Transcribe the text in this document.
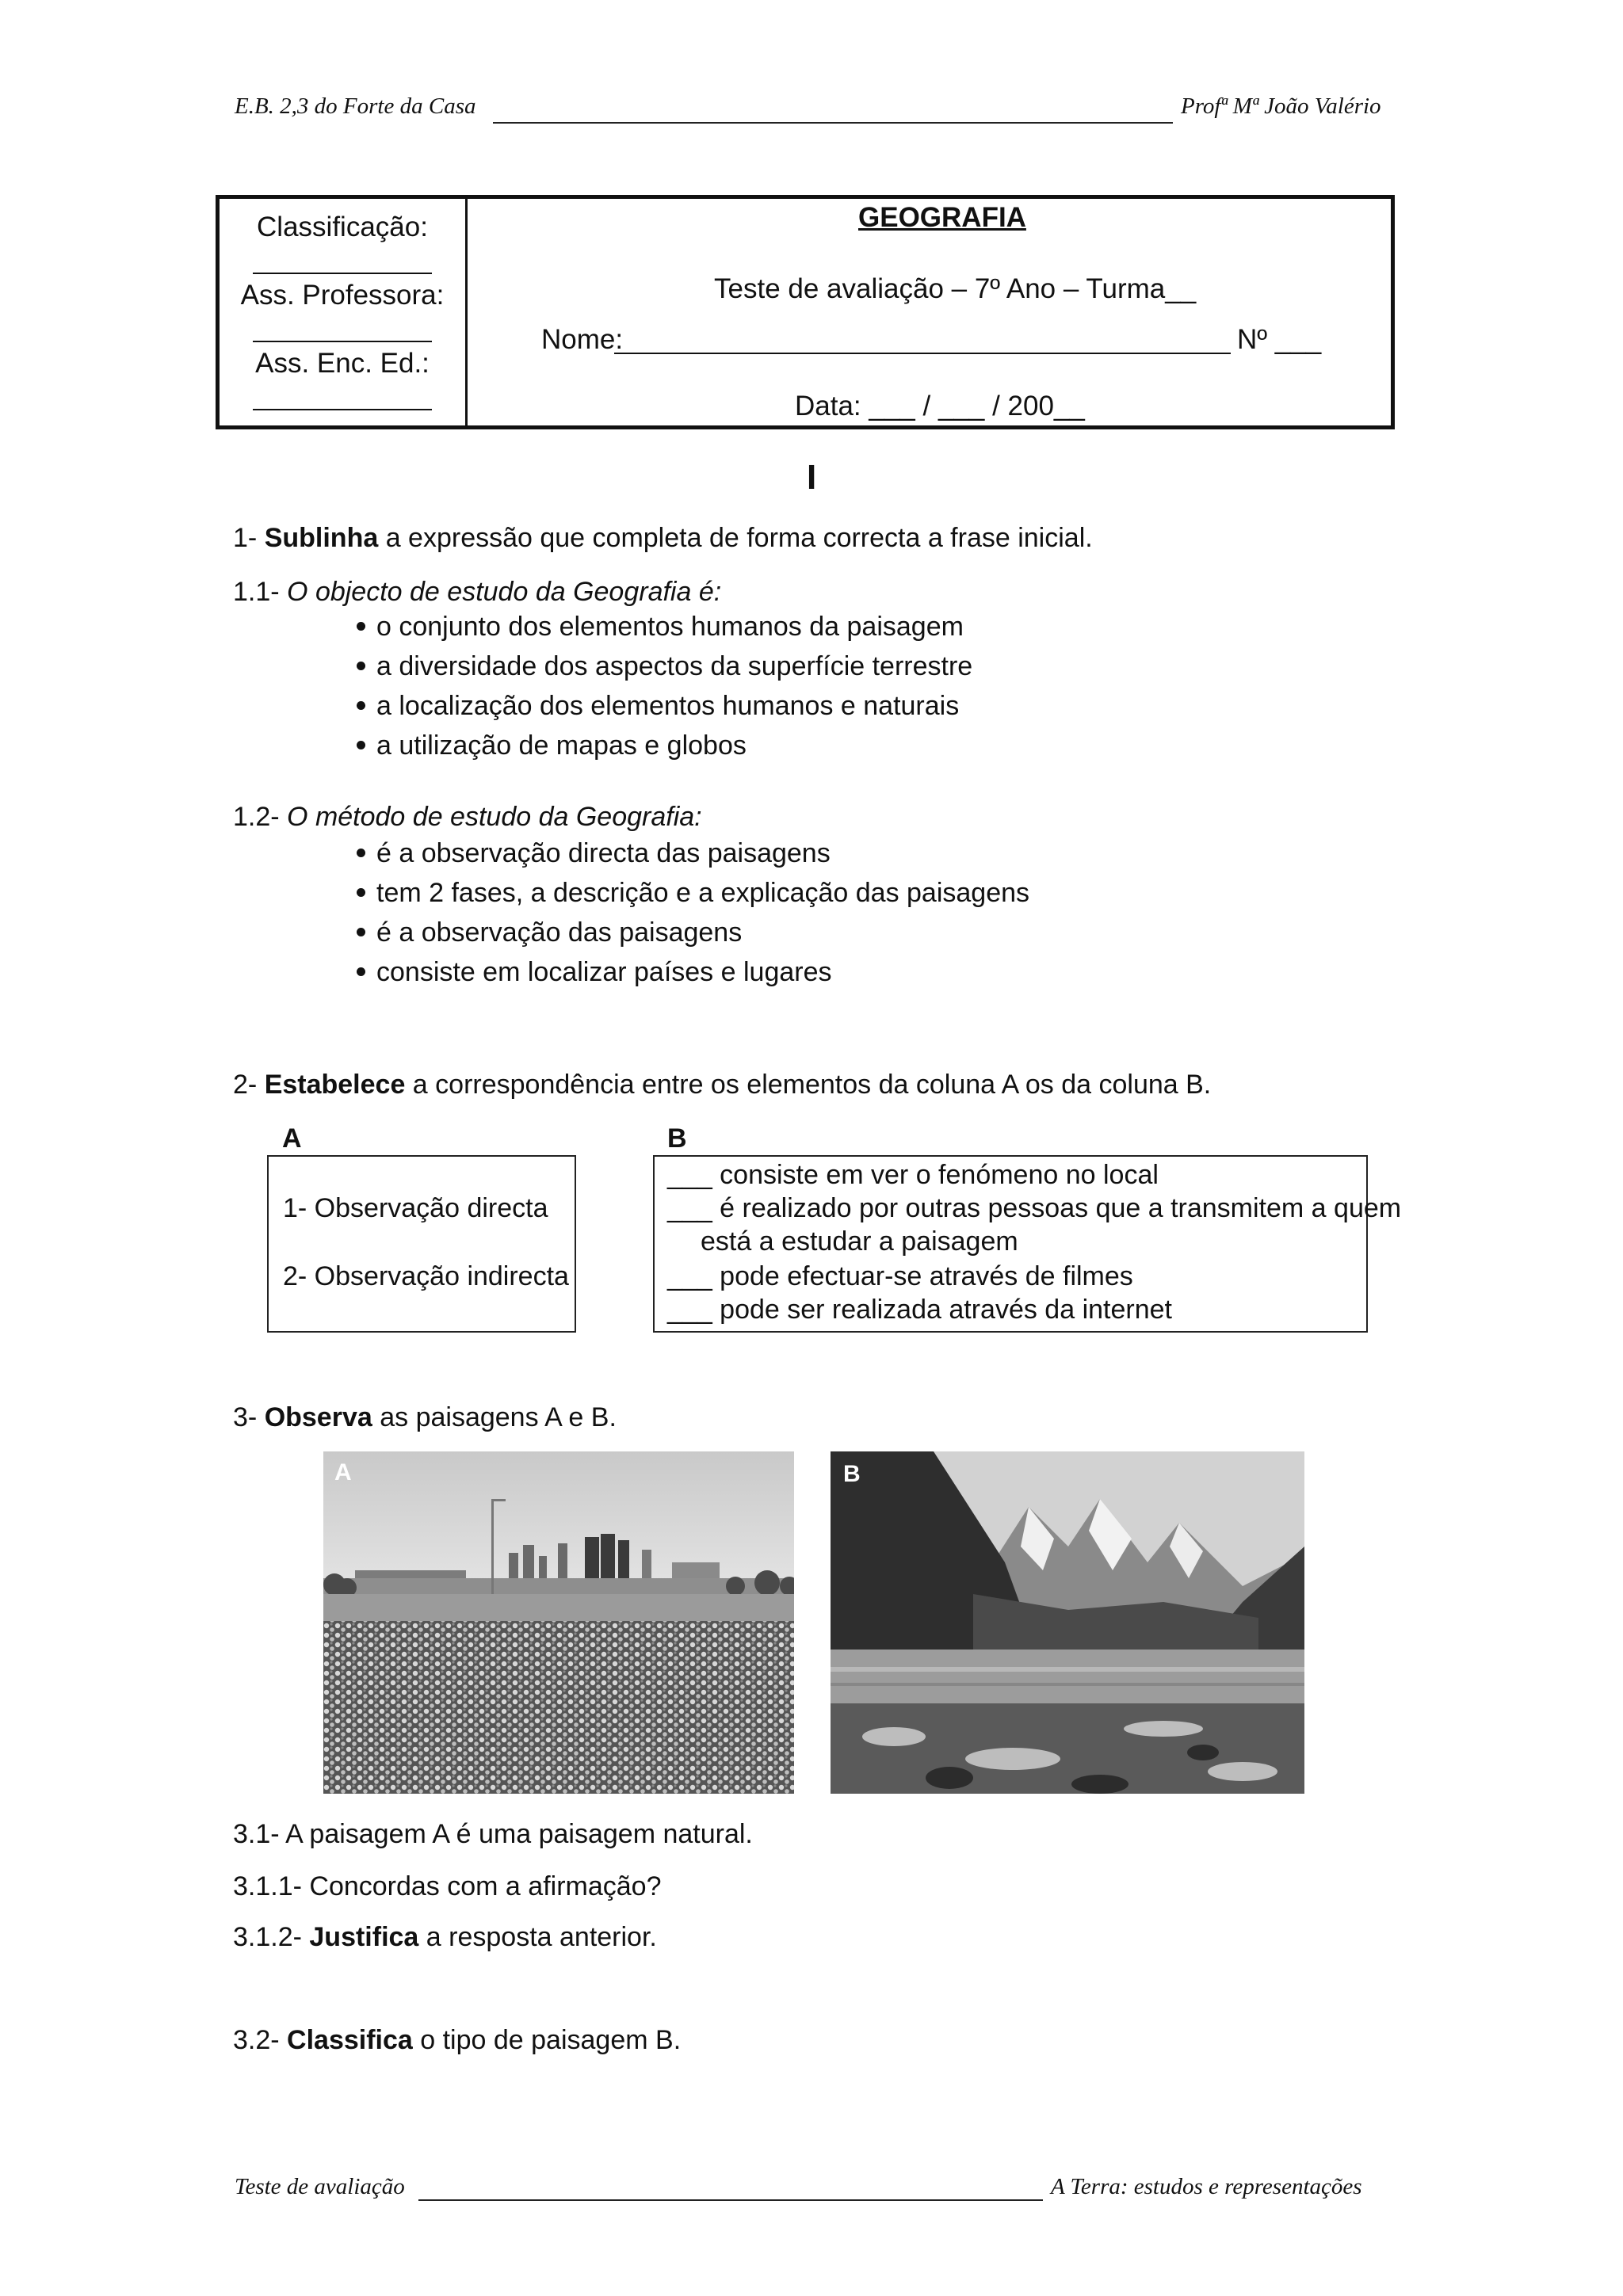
E.B. 2,3 do Forte da Casa	Profª Mª João Valério
Classificação:
Ass. Professora:
Ass. Enc. Ed.:
GEOGRAFIA
Teste de avaliação – 7º Ano – Turma__
Nome:	Nº ___
Data: ___ / ___ / 200__
I
1- Sublinha a expressão que completa de forma correcta a frase inicial.
1.1- O objecto de estudo da Geografia é:
o conjunto dos elementos humanos da paisagem
a diversidade dos aspectos da superfície terrestre
a localização dos elementos humanos e naturais
a utilização de mapas e globos
1.2- O método de estudo da Geografia:
é a observação directa das paisagens
tem 2 fases, a descrição e a explicação das paisagens
é a observação das paisagens
consiste em localizar países e lugares
2- Estabelece a correspondência entre os elementos da coluna A os da coluna B.
A	B
1- Observação directa
2- Observação indirecta
___ consiste em ver o fenómeno no local
___ é realizado por outras pessoas que a transmitem a quem
está a estudar a paisagem
___ pode efectuar-se através de filmes
___ pode ser realizada através da internet
3- Observa as paisagens A e B.
A	B
3.1- A paisagem A é uma paisagem natural.
3.1.1- Concordas com a afirmação?
3.1.2- Justifica a resposta anterior.
3.2- Classifica o tipo de paisagem B.
Teste de avaliação	A Terra: estudos e representações
